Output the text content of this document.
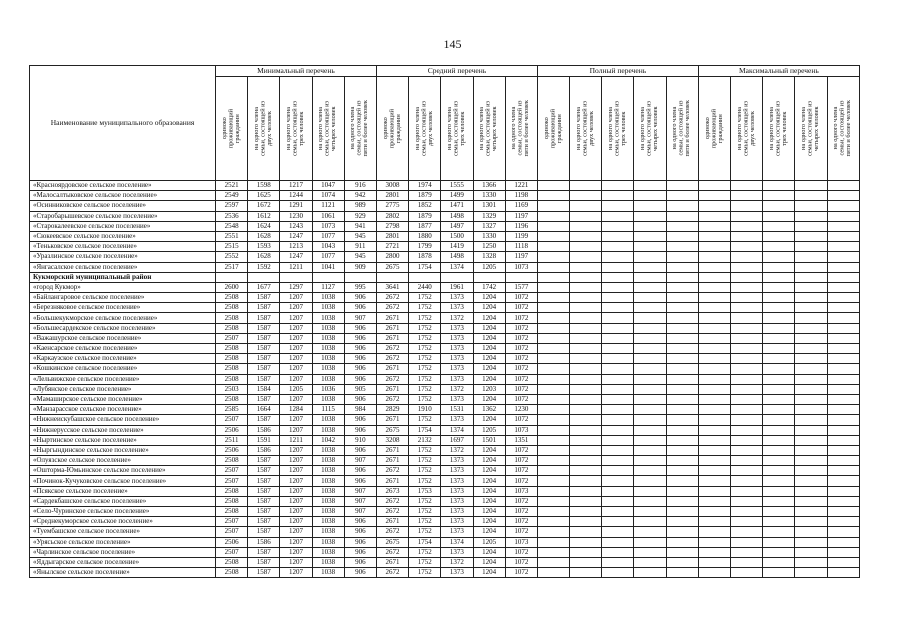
145
Наименование муниципального образования	Минимальный перечень					Средний перечень					Полный перечень					Максимальный перечень				

	одиноко
проживающий
гражданин	на одного члена
семьи, состоящей из
двух человек	на одного члена
семьи, состоящей из
трех человек	на одного члена
семьи, состоящей из
четырех человек	на одного члена
семьи, состоящей из
пяти и более человек	одиноко
проживающий
гражданин	на одного члена
семьи, состоящей из
двух человек	на одного члена
семьи, состоящей из
трех человек	на одного члена
семьи, состоящей из
четырех человек	на одного члена
семьи, состоящей из
пяти и более человек	одиноко
проживающий
гражданин	на одного члена
семьи, состоящей из
двух человек	на одного члена
семьи, состоящей из
трех человек	на одного члена
семьи, состоящей из
четырех человек	на одного члена
семьи, состоящей из
пяти и более человек	одиноко
проживающий
гражданин	на одного члена
семьи, состоящей из
двух человек	на одного члена
семьи, состоящей из
трех человек	на одного члена
семьи, состоящей из
четырех человек	на одного члена
семьи, состоящей из
пяти и более человек

«Красноярдовское сельское поселение»	2521	1598	1217	1047	916	3008	1974	1555	1366	1221										
«Малосалтыковское сельское поселение»	2549	1625	1244	1074	942	2801	1879	1499	1330	1198										
«Осинниковское сельское поселение»	2597	1672	1291	1121	989	2775	1852	1471	1301	1169										
«Старобарышевское сельское поселение»	2536	1612	1230	1061	929	2802	1879	1498	1329	1197										
«Старокалеевское сельское поселение»	2548	1624	1243	1073	941	2798	1877	1497	1327	1196										
«Сюкеевское сельское поселение»	2551	1628	1247	1077	945	2801	1880	1500	1330	1199										
«Теньковское сельское поселение»	2515	1593	1213	1043	911	2721	1799	1419	1250	1118										
«Уразлинское сельское поселение»	2552	1628	1247	1077	945	2800	1878	1498	1328	1197										
«Янгасалское сельское поселение»	2517	1592	1211	1041	909	2675	1754	1374	1205	1073										
Кукморский муниципальный район																				
«город Кукмор»	2600	1677	1297	1127	995	3641	2440	1961	1742	1577										
«Байлангаровое сельское поселение»	2508	1587	1207	1038	906	2672	1752	1373	1204	1072										
«Березняковое сельское поселение»	2508	1587	1207	1038	906	2672	1752	1373	1204	1072										
«Большекукморское сельское поселение»	2508	1587	1207	1038	907	2671	1752	1372	1204	1072										
«Большесардекское сельское поселение»	2508	1587	1207	1038	906	2671	1752	1373	1204	1072										
«Важашурское сельское поселение»	2507	1587	1207	1038	906	2671	1752	1373	1204	1072										
«Каенсарское сельское поселение»	2508	1587	1207	1038	906	2672	1752	1373	1204	1072										
«Каркаузское сельское поселение»	2508	1587	1207	1038	906	2672	1752	1373	1204	1072										
«Кошкинское сельское поселение»	2508	1587	1207	1038	906	2671	1752	1373	1204	1072										
«Лельвижское сельское поселение»	2508	1587	1207	1038	906	2672	1752	1373	1204	1072										
«Лубянское сельское поселение»	2503	1584	1205	1036	905	2671	1752	1372	1203	1072										
«Мамаширское сельское поселение»	2508	1587	1207	1038	906	2672	1752	1373	1204	1072										
«Манзарасское сельское поселение»	2585	1664	1284	1115	984	2829	1910	1531	1362	1230										
«Нижнеискубашское сельское поселение»	2507	1587	1207	1038	906	2671	1752	1373	1204	1072										
«Нижнерусское сельское поселение»	2506	1586	1207	1038	906	2675	1754	1374	1205	1073										
«Ныртинское сельское поселение»	2511	1591	1211	1042	910	3208	2132	1697	1501	1351										
«Ныргындинское сельское поселение»	2506	1586	1207	1038	906	2671	1752	1372	1204	1072										
«Олуязское сельское поселение»	2508	1587	1207	1038	907	2671	1752	1373	1204	1072										
«Ошторма-Юмьинское сельское поселение»	2507	1587	1207	1038	906	2672	1752	1373	1204	1072										
«Починок-Кучуковское сельское поселение»	2507	1587	1207	1038	906	2671	1752	1373	1204	1072										
«Псякское сельское поселение»	2508	1587	1207	1038	907	2673	1753	1373	1204	1073										
«Сардекбашское сельское поселение»	2508	1587	1207	1038	907	2672	1752	1373	1204	1072										
«Село-Чуринское сельское поселение»	2508	1587	1207	1038	907	2672	1752	1373	1204	1072										
«Среднекуморское сельское поселение»	2507	1587	1207	1038	906	2671	1752	1373	1204	1072										
«Туембашское сельское поселение»	2507	1587	1207	1038	906	2672	1752	1373	1204	1072										
«Урясьское сельское поселение»	2506	1586	1207	1038	906	2675	1754	1374	1205	1073										
«Чарлинское сельское поселение»	2507	1587	1207	1038	906	2672	1752	1373	1204	1072										
«Яддыгарское сельское поселение»	2508	1587	1207	1038	906	2671	1752	1372	1204	1072										
«Янылское сельское поселение»	2508	1587	1207	1038	906	2672	1752	1373	1204	1072										
